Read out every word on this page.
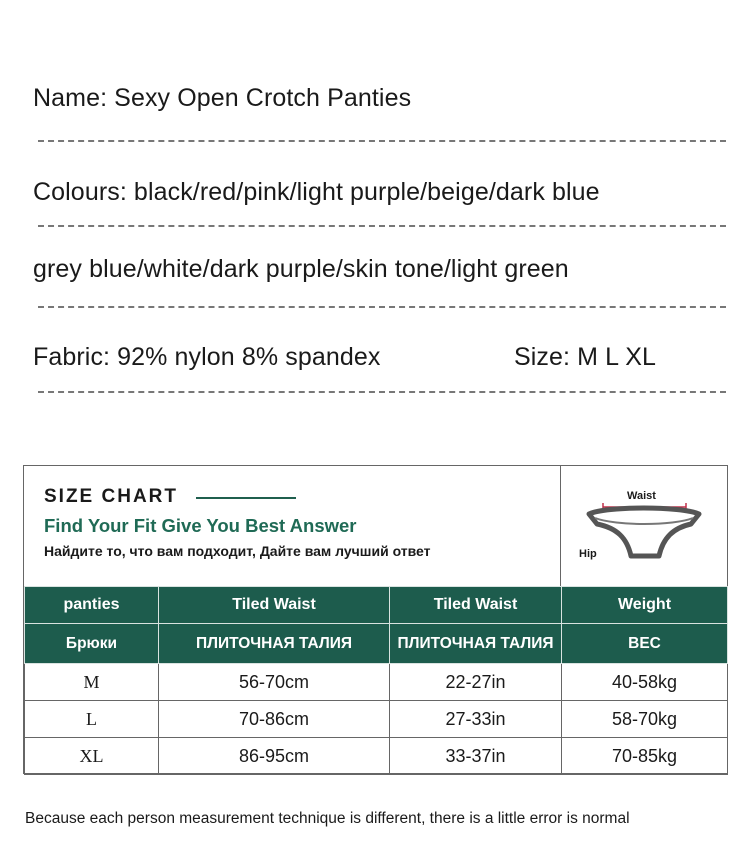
Name: Sexy Open Crotch Panties
Colours: black/red/pink/light purple/beige/dark blue
grey blue/white/dark purple/skin tone/light green
Fabric: 92% nylon 8% spandex	Size: M L XL
SIZE CHART
Find Your Fit Give You Best Answer
Найдите то, что вам подходит, Дайте вам лучший ответ
Waist
Hip
panties	Tiled Waist	Tiled Waist	Weight
Брюки	ПЛИТОЧНАЯ ТАЛИЯ	ПЛИТОЧНАЯ ТАЛИЯ	ВЕС
M	56-70cm	22-27in	40-58kg
L	70-86cm	27-33in	58-70kg
XL	86-95cm	33-37in	70-85kg
Because each person measurement technique is different, there is a little error is normal
